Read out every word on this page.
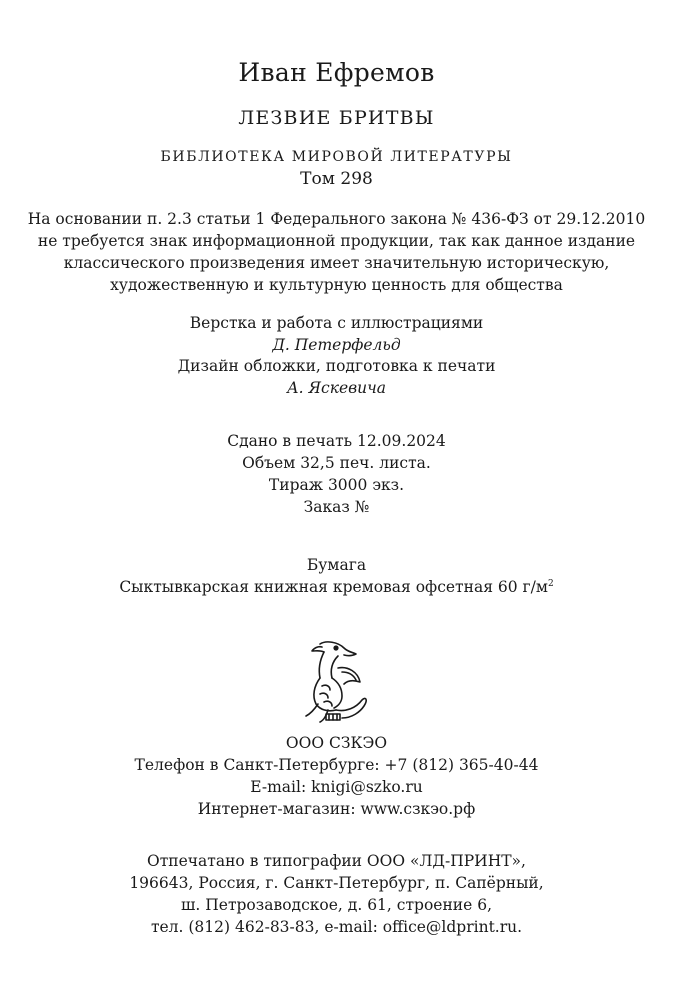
Иван Ефремов
ЛЕЗВИЕ БРИТВЫ
БИБЛИОТЕКА МИРОВОЙ ЛИТЕРАТУРЫ
Том 298
На основании п. 2.3 статьи 1 Федерального закона № 436-ФЗ от 29.12.2010
не требуется знак информационной продукции, так как данное издание
классического произведения имеет значительную историческую,
художественную и культурную ценность для общества
Верстка и работа с иллюстрациями
Д. Петерфельд
Дизайн обложки, подготовка к печати
А. Яскевича
Сдано в печать 12.09.2024
Объем 32,5 печ. листа.
Тираж 3000 экз.
Заказ №
Бумага
Сыктывкарская книжная кремовая офсетная 60 $г/м^2$
ООО СЗКЭО
Телефон в Санкт-Петербурге: +7 (812) 365-40-44
E-mail: knigi@szko.ru
Интернет-магазин: www.сзкэо.рф
Отпечатано в типографии ООО «ЛД-ПРИНТ»,
196643, Россия, г. Санкт-Петербург, п. Сапёрный,
ш. Петрозаводское, д. 61, строение 6,
тел. (812) 462-83-83, e-mail: office@ldprint.ru.
